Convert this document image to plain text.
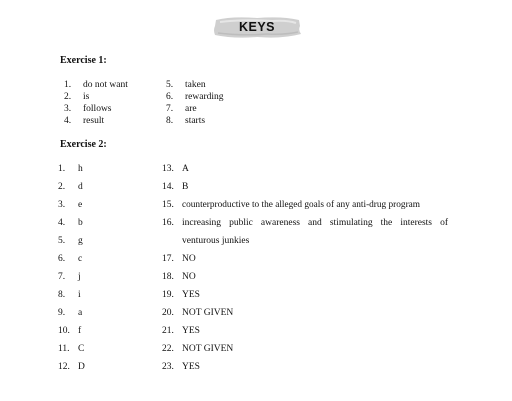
KEYS
Exercise 1:
1. do not want
2. is
3. follows
4. result
5. taken
6. rewarding
7. are
8. starts
Exercise 2:
1. h
2. d
3. e
4. b
5. g
6. c
7. j
8. i
9. a
10. f
11. C
12. D
13. A
14. B
15. counterproductive to the alleged goals of any anti-drug program
16. increasing public awareness and stimulating the interests of
venturous junkies
17. NO
18. NO
19. YES
20. NOT GIVEN
21. YES
22. NOT GIVEN
23. YES
